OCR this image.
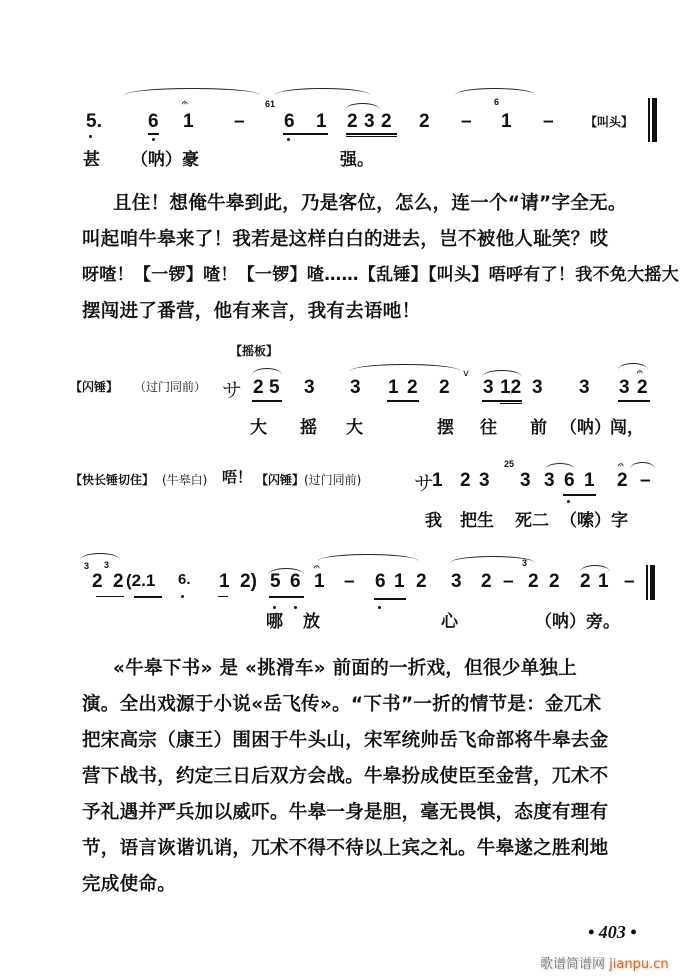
5. 6
𝄐
1 –
61
6 1 2 3 2 2 –
6
1 –	【叫头】
甚 （呐）豪	强。
且住！想俺牛皋到此，乃是客位，怎么，连一个“请”字全无。
叫起咱牛皋来了！我若是这样白白的进去，岂不被他人耻笑？哎
呀喳！【一锣】喳！【一锣】喳……【乱锤】【叫头】唔呼有了！我不免大摇大
摆闯进了番营，他有来言，我有去语吔！
【摇板】
【闪锤】 （过门同前） サ 2 5 3 3 1 2 2
v
3 12 3 3
𝄐
3 2
大 摇 大	摆 往 前 （呐） 闯，
【快长锤切住】 (牛皋白) 唔！ 【闪锤】 (过门同前)	サ
1 2 3
25
3 3 6 1
𝄐
2 –
我 把生 死二 （嗦）字
3
2
3
2 (2.1 6. 1 2) 5 6
𝄐
1 – 6 1 2 3 2 –
3
2 2 2 1 –
哪 放	心	（呐）旁。
«牛皋下书» 是 «挑滑车» 前面的一折戏，但很少单独上
演。全出戏源于小说«岳飞传»。“下书”一折的情节是：金兀术
把宋高宗（康王）围困于牛头山，宋军统帅岳飞命部将牛皋去金
营下战书，约定三日后双方会战。牛皋扮成使臣至金营，兀术不
予礼遇并严兵加以威吓。牛皋一身是胆，毫无畏惧，态度有理有
节，语言诙谐讥诮，兀术不得不待以上宾之礼。牛皋遂之胜利地
完成使命。
• 403 •
歌谱简谱网 jianpu.cn
